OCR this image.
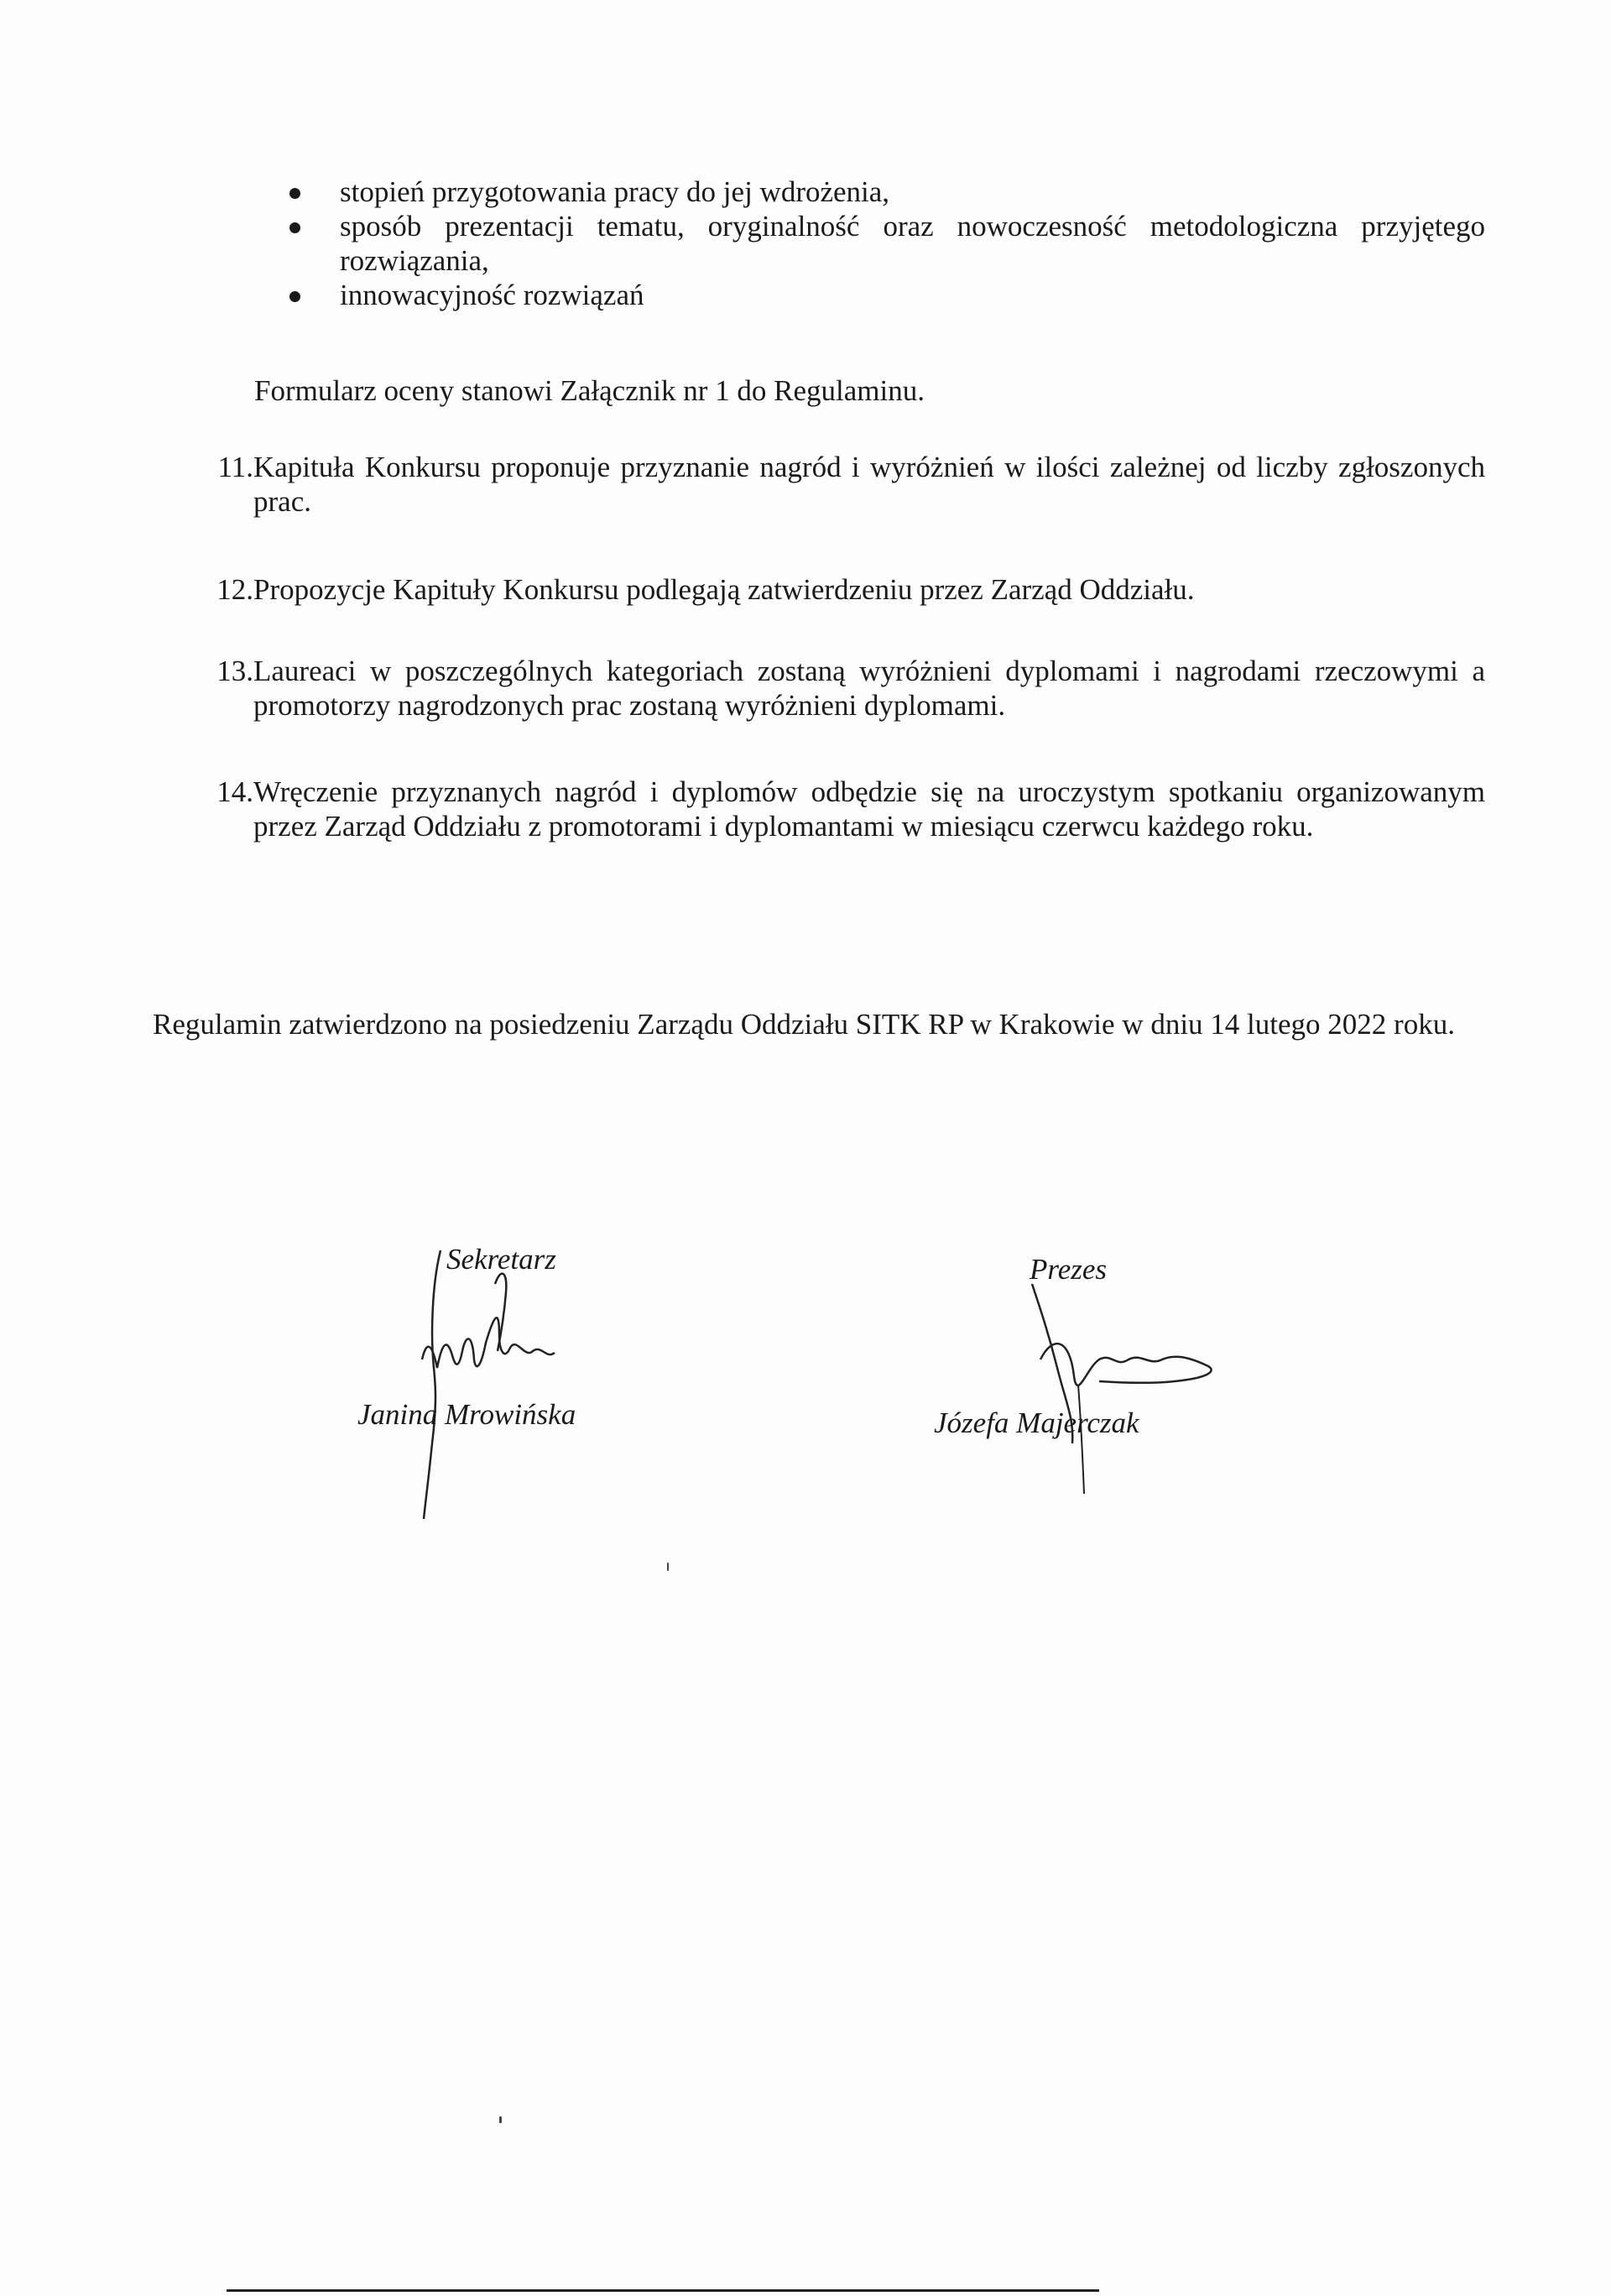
stopień przygotowania pracy do jej wdrożenia,
sposób prezentacji tematu, oryginalność oraz nowoczesność metodologiczna przyjętego rozwiązania,
innowacyjność rozwiązań
Formularz oceny stanowi Załącznik nr 1 do Regulaminu.
11. Kapituła Konkursu proponuje przyznanie nagród i wyróżnień w ilości zależnej od liczby zgłoszonych prac.
12. Propozycje Kapituły Konkursu podlegają zatwierdzeniu przez Zarząd Oddziału.
13. Laureaci w poszczególnych kategoriach zostaną wyróżnieni dyplomami i nagrodami rzeczowymi a promotorzy nagrodzonych prac zostaną wyróżnieni dyplomami.
14. Wręczenie przyznanych nagród i dyplomów odbędzie się na uroczystym spotkaniu organizowanym przez Zarząd Oddziału z promotorami i dyplomantami w miesiącu czerwcu każdego roku.
Regulamin zatwierdzono na posiedzeniu Zarządu Oddziału SITK RP w Krakowie w dniu 14 lutego 2022 roku.
Sekretarz
Janina Mrowińska
Prezes
Józefa Majerczak
